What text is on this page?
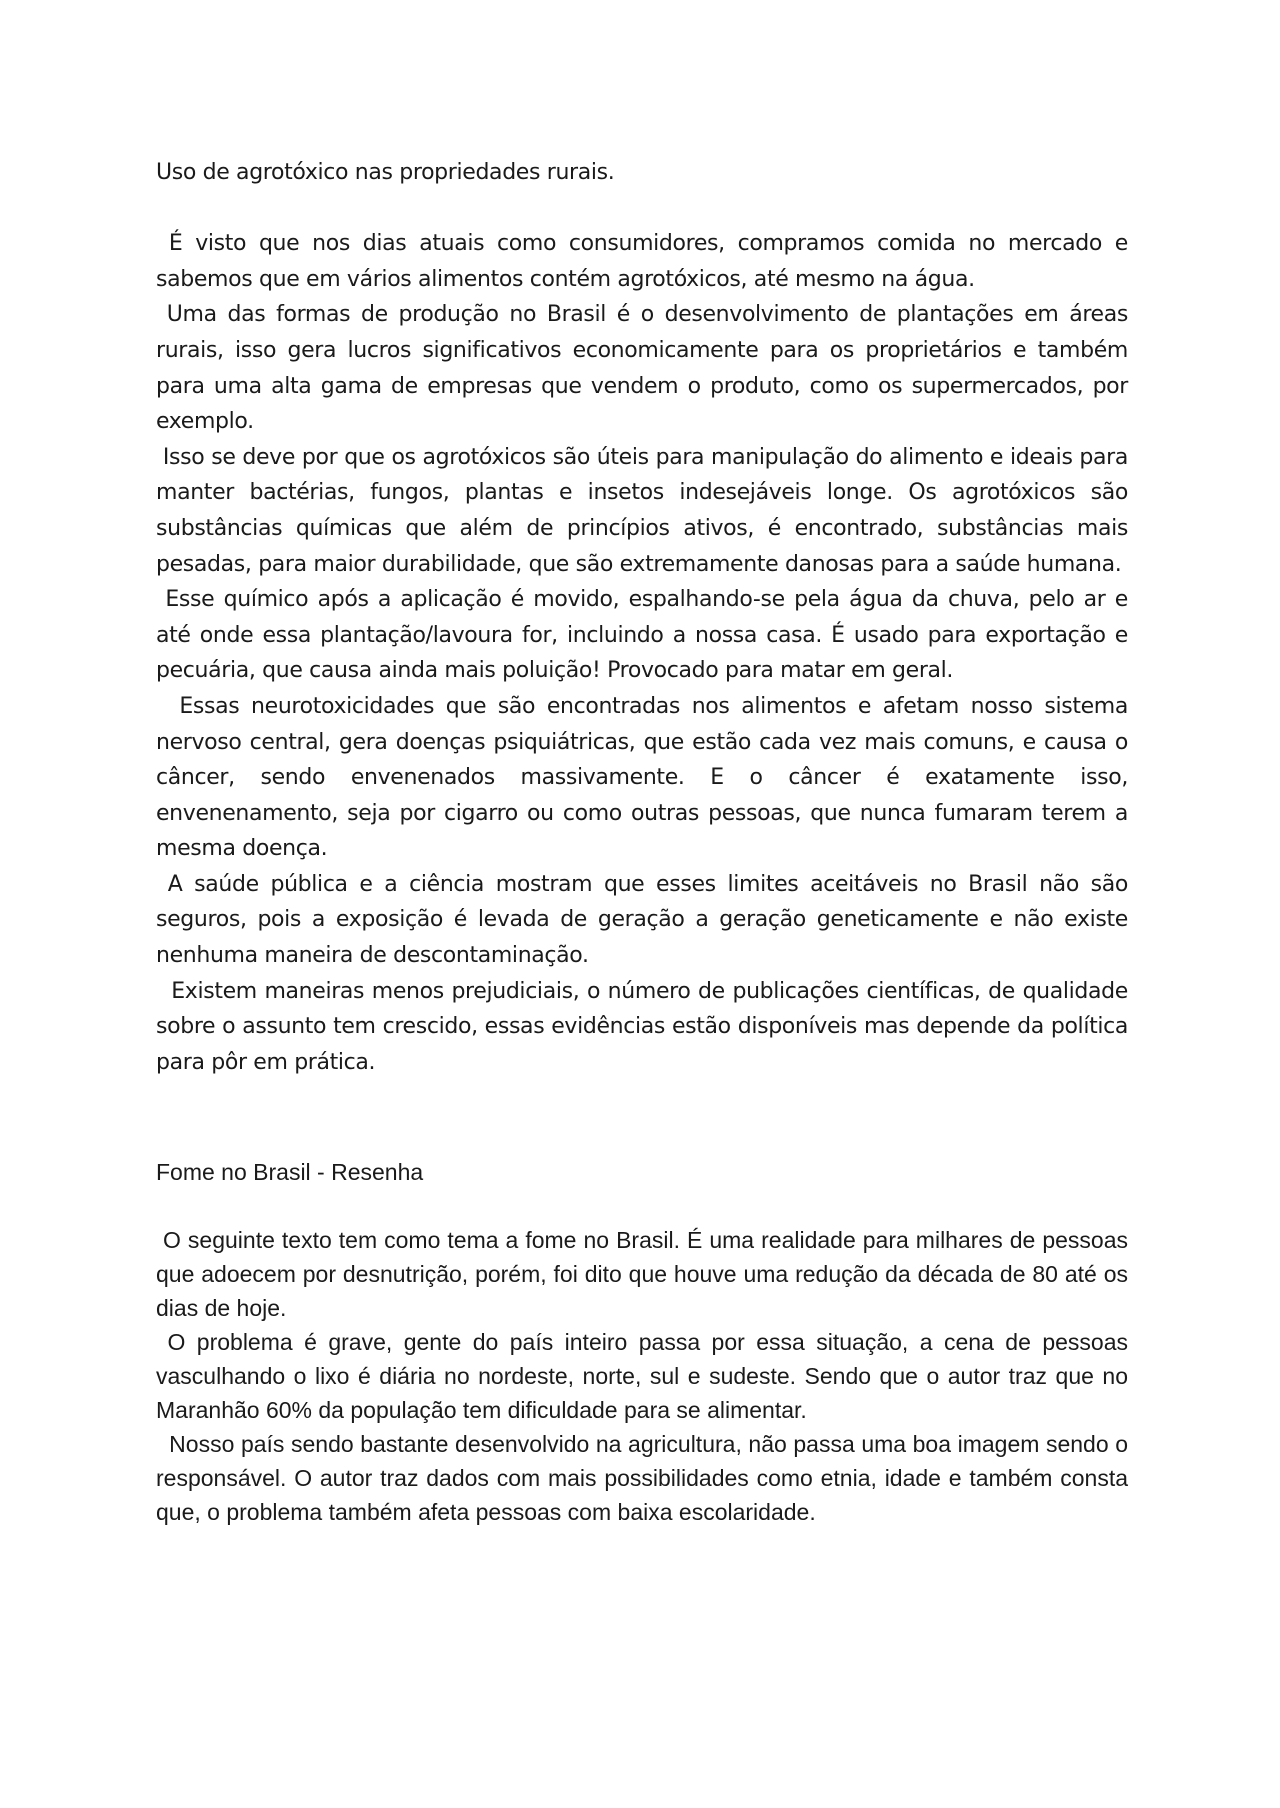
Uso de agrotóxico nas propriedades rurais.
É visto que nos dias atuais como consumidores, compramos comida no mercado e sabemos que em vários alimentos contém agrotóxicos, até mesmo na água.
Uma das formas de produção no Brasil é o desenvolvimento de plantações em áreas rurais, isso gera lucros significativos economicamente para os proprietários e também para uma alta gama de empresas que vendem o produto, como os supermercados, por exemplo.
Isso se deve por que os agrotóxicos são úteis para manipulação do alimento e ideais para manter bactérias, fungos, plantas e insetos indesejáveis longe. Os agrotóxicos são substâncias químicas que além de princípios ativos, é encontrado, substâncias mais pesadas, para maior durabilidade, que são extremamente danosas para a saúde humana.
Esse químico após a aplicação é movido, espalhando-se pela água da chuva, pelo ar e até onde essa plantação/lavoura for, incluindo a nossa casa. É usado para exportação e pecuária, que causa ainda mais poluição! Provocado para matar em geral.
Essas neurotoxicidades que são encontradas nos alimentos e afetam nosso sistema nervoso central, gera doenças psiquiátricas, que estão cada vez mais comuns, e causa o câncer, sendo envenenados massivamente. E o câncer é exatamente isso, envenenamento, seja por cigarro ou como outras pessoas, que nunca fumaram terem a mesma doença.
A saúde pública e a ciência mostram que esses limites aceitáveis no Brasil não são seguros, pois a exposição é levada de geração a geração geneticamente e não existe nenhuma maneira de descontaminação.
Existem maneiras menos prejudiciais, o número de publicações científicas, de qualidade sobre o assunto tem crescido, essas evidências estão disponíveis mas depende da política para pôr em prática.
Fome no Brasil - Resenha
O seguinte texto tem como tema a fome no Brasil. É uma realidade para milhares de pessoas que adoecem por desnutrição, porém, foi dito que houve uma redução da década de 80 até os dias de hoje.
O problema é grave, gente do país inteiro passa por essa situação, a cena de pessoas vasculhando o lixo é diária no nordeste, norte, sul e sudeste. Sendo que o autor traz que no Maranhão 60% da população tem dificuldade para se alimentar.
Nosso país sendo bastante desenvolvido na agricultura, não passa uma boa imagem sendo o responsável. O autor traz dados com mais possibilidades como etnia, idade e também consta que, o problema também afeta pessoas com baixa escolaridade.
